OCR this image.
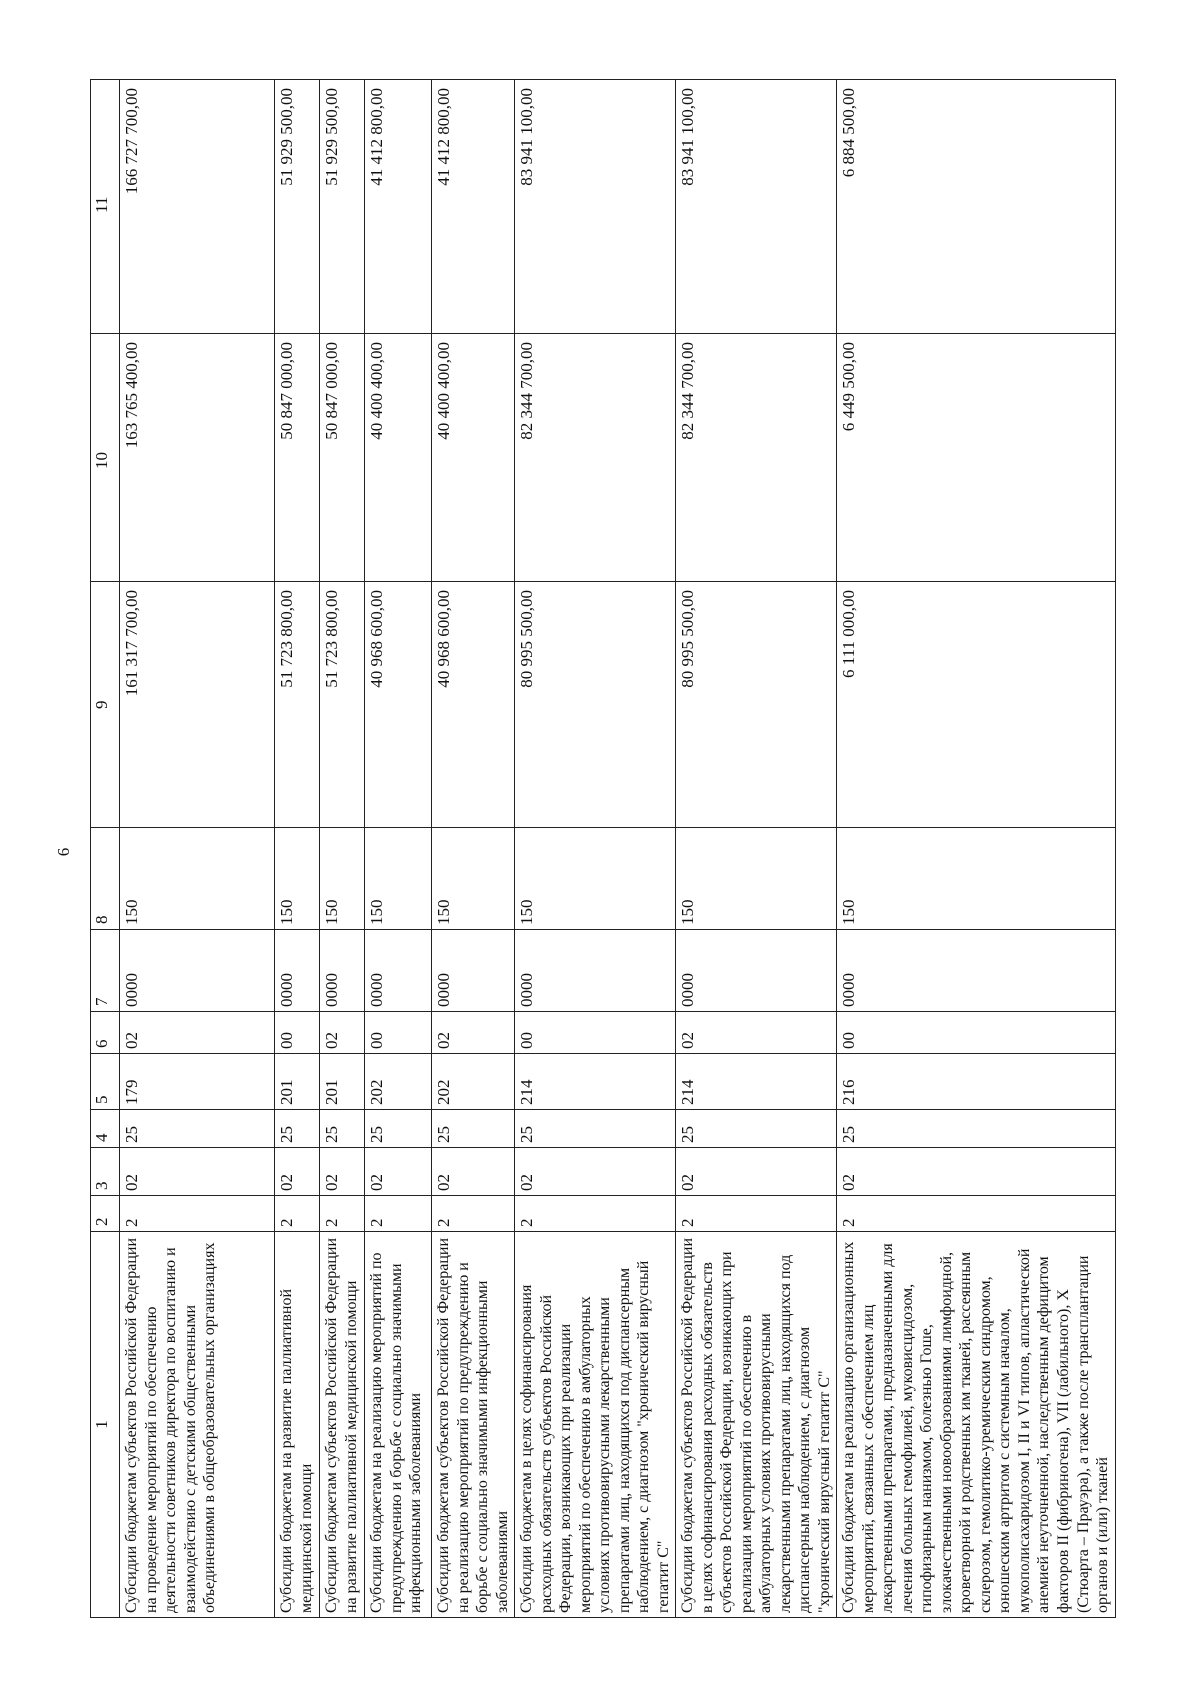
6
1	2	3	4	5	6	7	8	9	10	11
Субсидии бюджетам субъектов Российской Федерации на проведение мероприятий по обеспечению деятельности советников директора по воспитанию и взаимодействию с детскими общественными объединениями в общеобразовательных организациях	2	02	25	179	02	0000	150	161 317 700,00	163 765 400,00	166 727 700,00
Субсидии бюджетам на развитие паллиативной медицинской помощи	2	02	25	201	00	0000	150	51 723 800,00	50 847 000,00	51 929 500,00
Субсидии бюджетам субъектов Российской Федерации на развитие паллиативной медицинской помощи	2	02	25	201	02	0000	150	51 723 800,00	50 847 000,00	51 929 500,00
Субсидии бюджетам на реализацию мероприятий по предупреждению и борьбе с социально значимыми инфекционными заболеваниями	2	02	25	202	00	0000	150	40 968 600,00	40 400 400,00	41 412 800,00
Субсидии бюджетам субъектов Российской Федерации на реализацию мероприятий по предупреждению и борьбе с социально значимыми инфекционными заболеваниями	2	02	25	202	02	0000	150	40 968 600,00	40 400 400,00	41 412 800,00
Субсидии бюджетам в целях софинансирования расходных обязательств субъектов Российской Федерации, возникающих при реализации мероприятий по обеспечению в амбулаторных условиях противовирусными лекарственными препаратами лиц, находящихся под диспансерным наблюдением, с диагнозом "хронический вирусный гепатит С"	2	02	25	214	00	0000	150	80 995 500,00	82 344 700,00	83 941 100,00
Субсидии бюджетам субъектов Российской Федерации в целях софинансирования расходных обязательств субъектов Российской Федерации, возникающих при реализации мероприятий по обеспечению в амбулаторных условиях противовирусными лекарственными препаратами лиц, находящихся под диспансерным наблюдением, с диагнозом "хронический вирусный гепатит С"	2	02	25	214	02	0000	150	80 995 500,00	82 344 700,00	83 941 100,00
Субсидии бюджетам на реализацию организационных мероприятий, связанных с обеспечением лиц лекарственными препаратами, предназначенными для лечения больных гемофилией, муковисцидозом, гипофизарным нанизмом, болезнью Гоше, злокачественными новообразованиями лимфоидной, кроветворной и родственных им тканей, рассеянным склерозом, гемолитико-уремическим синдромом, юношеским артритом с системным началом, мукополисахаридозом I, II и VI типов, апластической анемией неуточненной, наследственным дефицитом факторов II (фибриногена), VII (лабильного), X (Стюарта – Прауэра), а также после трансплантации органов и (или) тканей	2	02	25	216	00	0000	150	6 111 000,00	6 449 500,00	6 884 500,00
